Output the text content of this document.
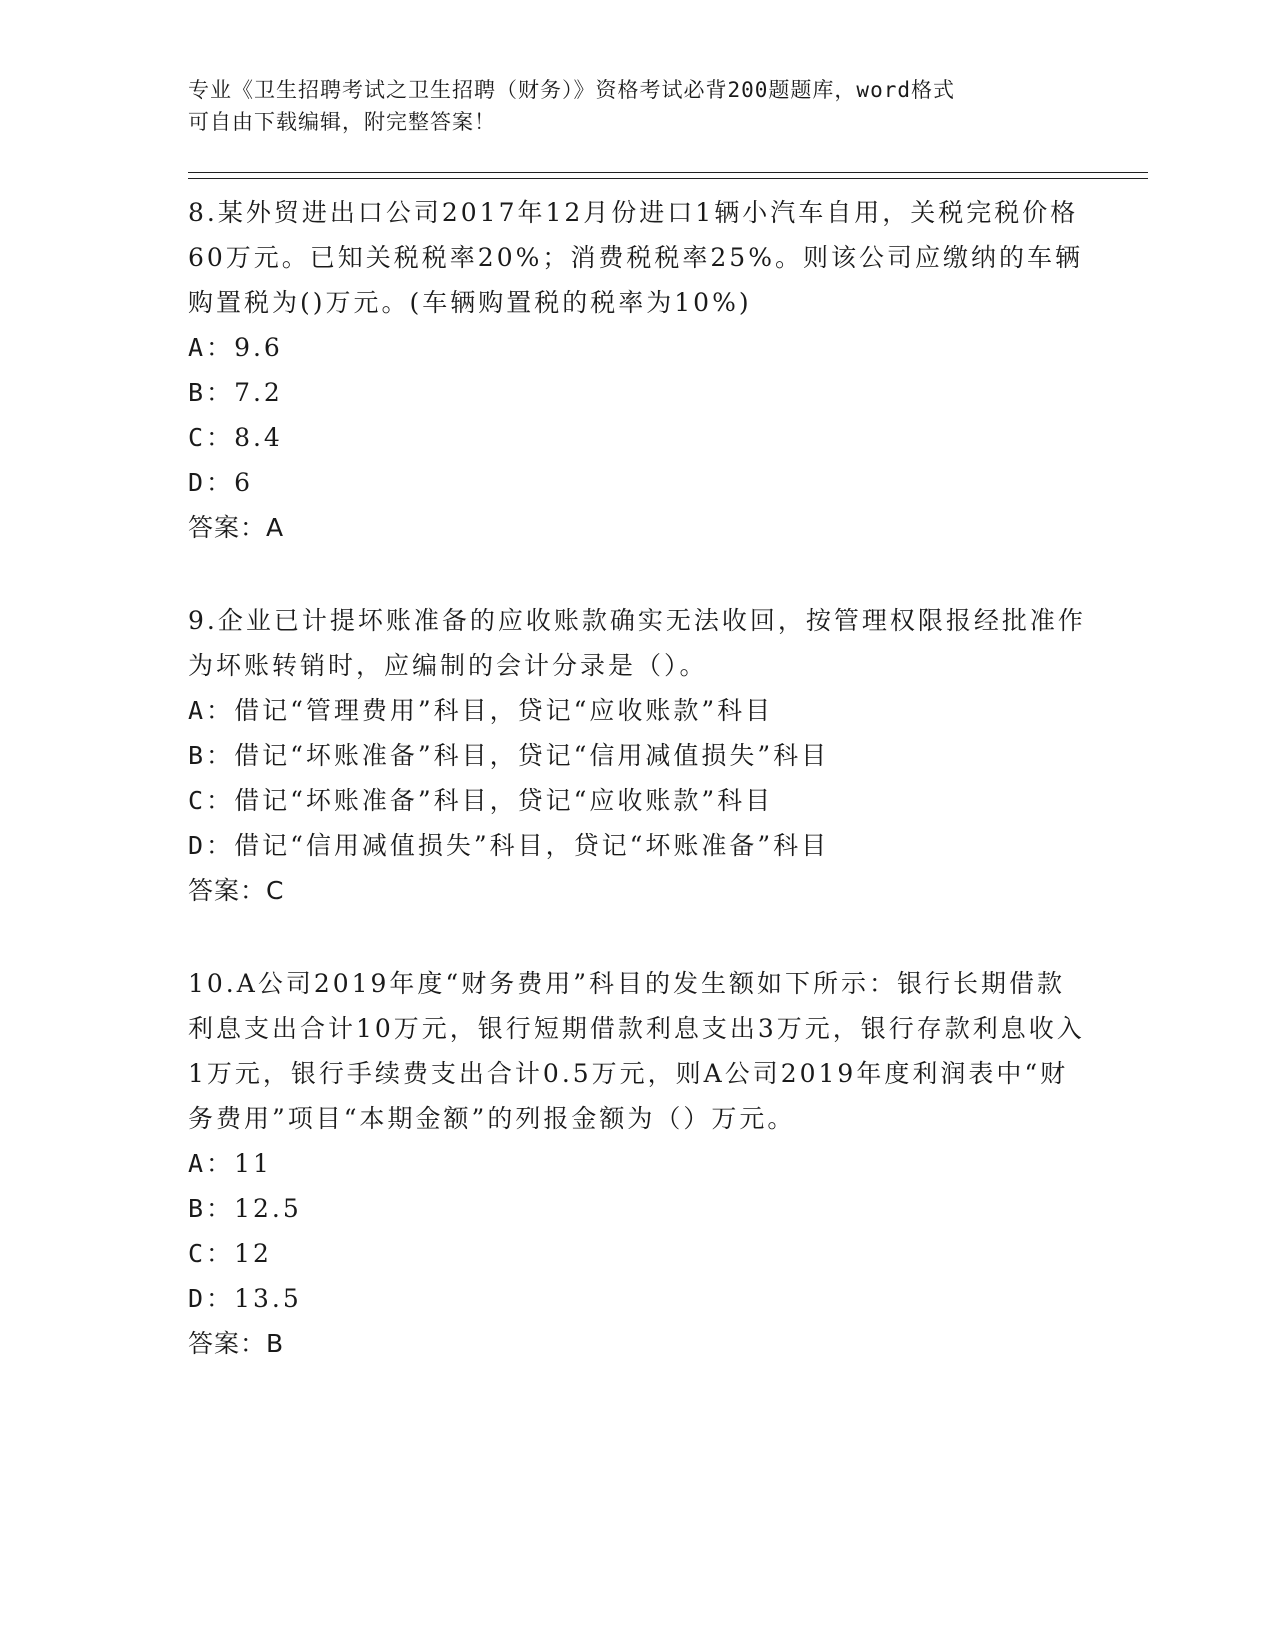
专业《卫生招聘考试之卫生招聘（财务）》资格考试必背200题题库，word格式
可自由下载编辑，附完整答案！

8.某外贸进出口公司2017年12月份进口1辆小汽车自用，关税完税价格60万元。已知关税税率20%；消费税税率25%。则该公司应缴纳的车辆购置税为()万元。(车辆购置税的税率为10%)

A：9.6

B：7.2

C：8.4

D：6

答案：A

9.企业已计提坏账准备的应收账款确实无法收回，按管理权限报经批准作为坏账转销时，应编制的会计分录是（）。

A：借记“管理费用”科目，贷记“应收账款”科目

B：借记“坏账准备”科目，贷记“信用减值损失”科目

C：借记“坏账准备”科目，贷记“应收账款”科目

D：借记“信用减值损失”科目，贷记“坏账准备”科目

答案：C

10.A公司2019年度“财务费用”科目的发生额如下所示：银行长期借款利息支出合计10万元，银行短期借款利息支出3万元，银行存款利息收入1万元，银行手续费支出合计0.5万元，则A公司2019年度利润表中“财务费用”项目“本期金额”的列报金额为（）万元。

A：11

B：12.5

C：12

D：13.5

答案：B
